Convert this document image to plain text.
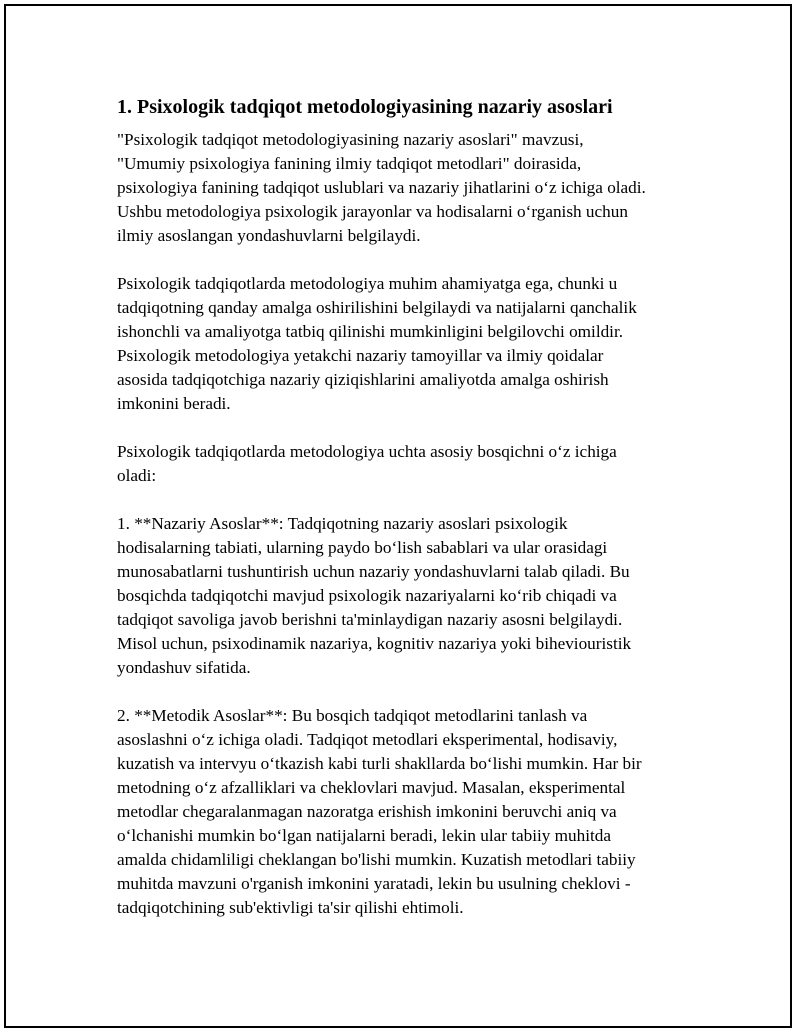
1. Psixologik tadqiqot metodologiyasining nazariy asoslari

"Psixologik tadqiqot metodologiyasining nazariy asoslari" mavzusi,
"Umumiy psixologiya fanining ilmiy tadqiqot metodlari" doirasida,
psixologiya fanining tadqiqot uslublari va nazariy jihatlarini o‘z ichiga oladi.
Ushbu metodologiya psixologik jarayonlar va hodisalarni o‘rganish uchun
ilmiy asoslangan yondashuvlarni belgilaydi.

Psixologik tadqiqotlarda metodologiya muhim ahamiyatga ega, chunki u
tadqiqotning qanday amalga oshirilishini belgilaydi va natijalarni qanchalik
ishonchli va amaliyotga tatbiq qilinishi mumkinligini belgilovchi omildir.
Psixologik metodologiya yetakchi nazariy tamoyillar va ilmiy qoidalar
asosida tadqiqotchiga nazariy qiziqishlarini amaliyotda amalga oshirish
imkonini beradi.

Psixologik tadqiqotlarda metodologiya uchta asosiy bosqichni o‘z ichiga
oladi:

1. **Nazariy Asoslar**: Tadqiqotning nazariy asoslari psixologik
hodisalarning tabiati, ularning paydo bo‘lish sabablari va ular orasidagi
munosabatlarni tushuntirish uchun nazariy yondashuvlarni talab qiladi. Bu
bosqichda tadqiqotchi mavjud psixologik nazariyalarni ko‘rib chiqadi va
tadqiqot savoliga javob berishni ta'minlaydigan nazariy asosni belgilaydi.
Misol uchun, psixodinamik nazariya, kognitiv nazariya yoki biheviouristik
yondashuv sifatida.

2. **Metodik Asoslar**: Bu bosqich tadqiqot metodlarini tanlash va
asoslashni o‘z ichiga oladi. Tadqiqot metodlari eksperimental, hodisaviy,
kuzatish va intervyu o‘tkazish kabi turli shakllarda bo‘lishi mumkin. Har bir
metodning o‘z afzalliklari va cheklovlari mavjud. Masalan, eksperimental
metodlar chegaralanmagan nazoratga erishish imkonini beruvchi aniq va
o‘lchanishi mumkin bo‘lgan natijalarni beradi, lekin ular tabiiy muhitda
amalda chidamliligi cheklangan bo'lishi mumkin. Kuzatish metodlari tabiiy
muhitda mavzuni o'rganish imkonini yaratadi, lekin bu usulning cheklovi -
tadqiqotchining sub'ektivligi ta'sir qilishi ehtimoli.
